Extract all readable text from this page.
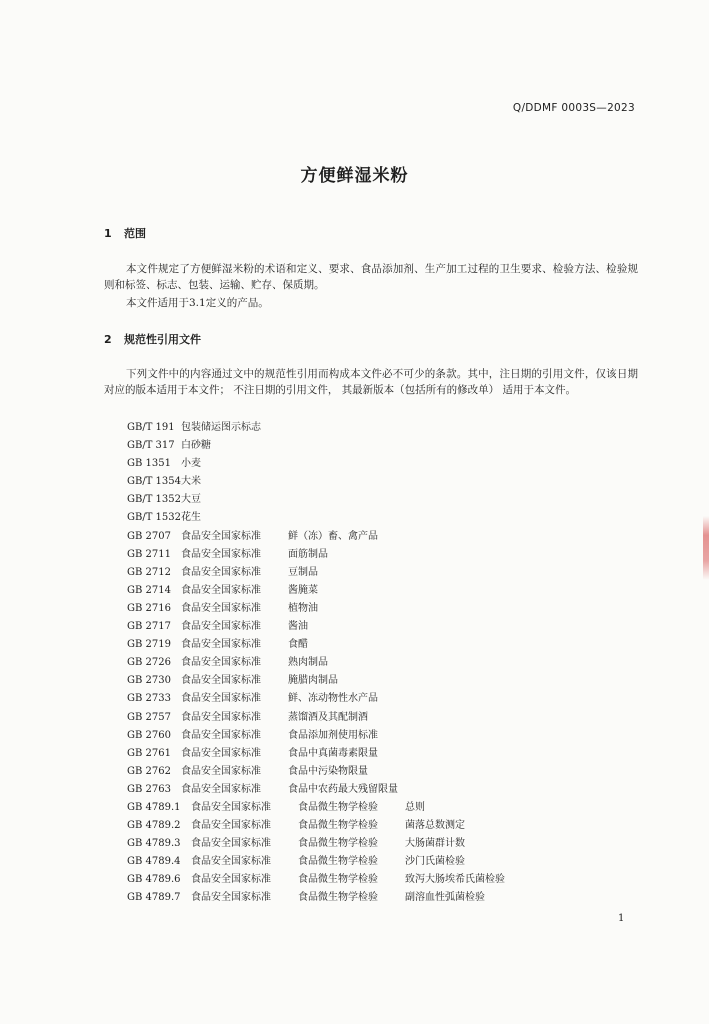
Q/DDMF 0003S—2023
方便鲜湿米粉
1 范围
本文件规定了方便鲜湿米粉的术语和定义、要求、食品添加剂、生产加工过程的卫生要求、检验方法、检验规则和标签、标志、包装、运输、贮存、保质期。
本文件适用于3.1定义的产品。
2 规范性引用文件
下列文件中的内容通过文中的规范性引用而构成本文件必不可少的条款。其中，注日期的引用文件，仅该日期对应的版本适用于本文件； 不注日期的引用文件， 其最新版本（包括所有的修改单） 适用于本文件。
GB/T 191 包装储运图示标志
GB/T 317 白砂糖
GB 1351 小麦
GB/T 1354大米
GB/T 1352大豆
GB/T 1532花生
GB 2707 食品安全国家标准	鲜（冻）畜、禽产品
GB 2711 食品安全国家标准	面筋制品
GB 2712 食品安全国家标准	豆制品
GB 2714 食品安全国家标准	酱腌菜
GB 2716 食品安全国家标准	植物油
GB 2717 食品安全国家标准	酱油
GB 2719 食品安全国家标准	食醋
GB 2726 食品安全国家标准	熟肉制品
GB 2730 食品安全国家标准	腌腊肉制品
GB 2733 食品安全国家标准	鲜、冻动物性水产品
GB 2757 食品安全国家标准	蒸馏酒及其配制酒
GB 2760 食品安全国家标准	食品添加剂使用标准
GB 2761 食品安全国家标准	食品中真菌毒素限量
GB 2762 食品安全国家标准	食品中污染物限量
GB 2763 食品安全国家标准	食品中农药最大残留限量
GB 4789.1 食品安全国家标准	食品微生物学检验	总则
GB 4789.2 食品安全国家标准	食品微生物学检验	菌落总数测定
GB 4789.3 食品安全国家标准	食品微生物学检验	大肠菌群计数
GB 4789.4 食品安全国家标准	食品微生物学检验	沙门氏菌检验
GB 4789.6 食品安全国家标准	食品微生物学检验	致泻大肠埃希氏菌检验
GB 4789.7 食品安全国家标准	食品微生物学检验	副溶血性弧菌检验
1
